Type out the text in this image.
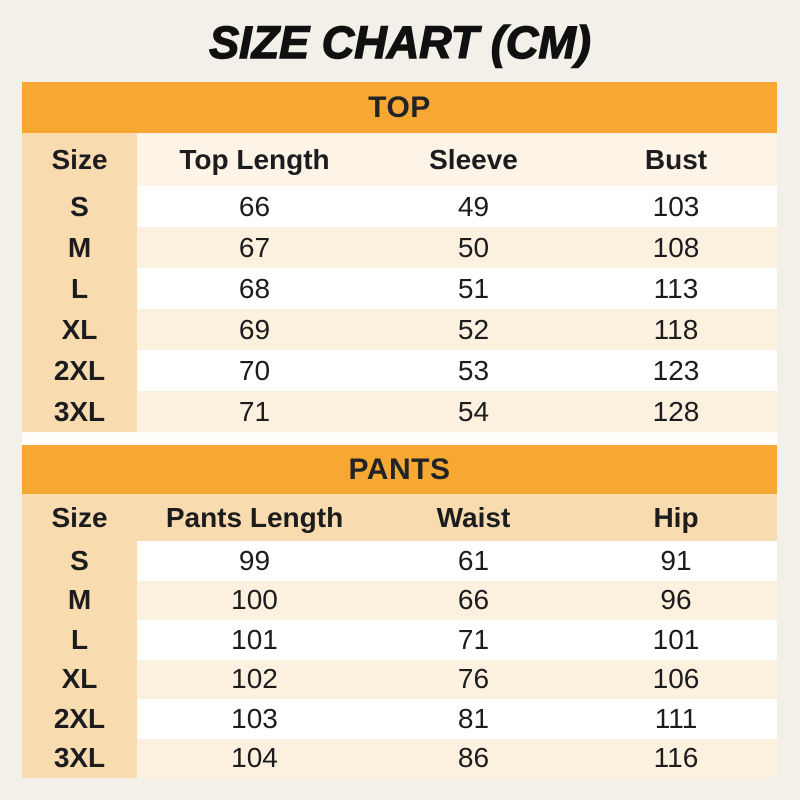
SIZE CHART (CM)
TOP
Size	Top Length	Sleeve	Bust
S	66	49	103
M	67	50	108
L	68	51	113
XL	69	52	118
2XL	70	53	123
3XL	71	54	128
PANTS
Size	Pants Length	Waist	Hip
S	99	61	91
M	100	66	96
L	101	71	101
XL	102	76	106
2XL	103	81	111
3XL	104	86	116
